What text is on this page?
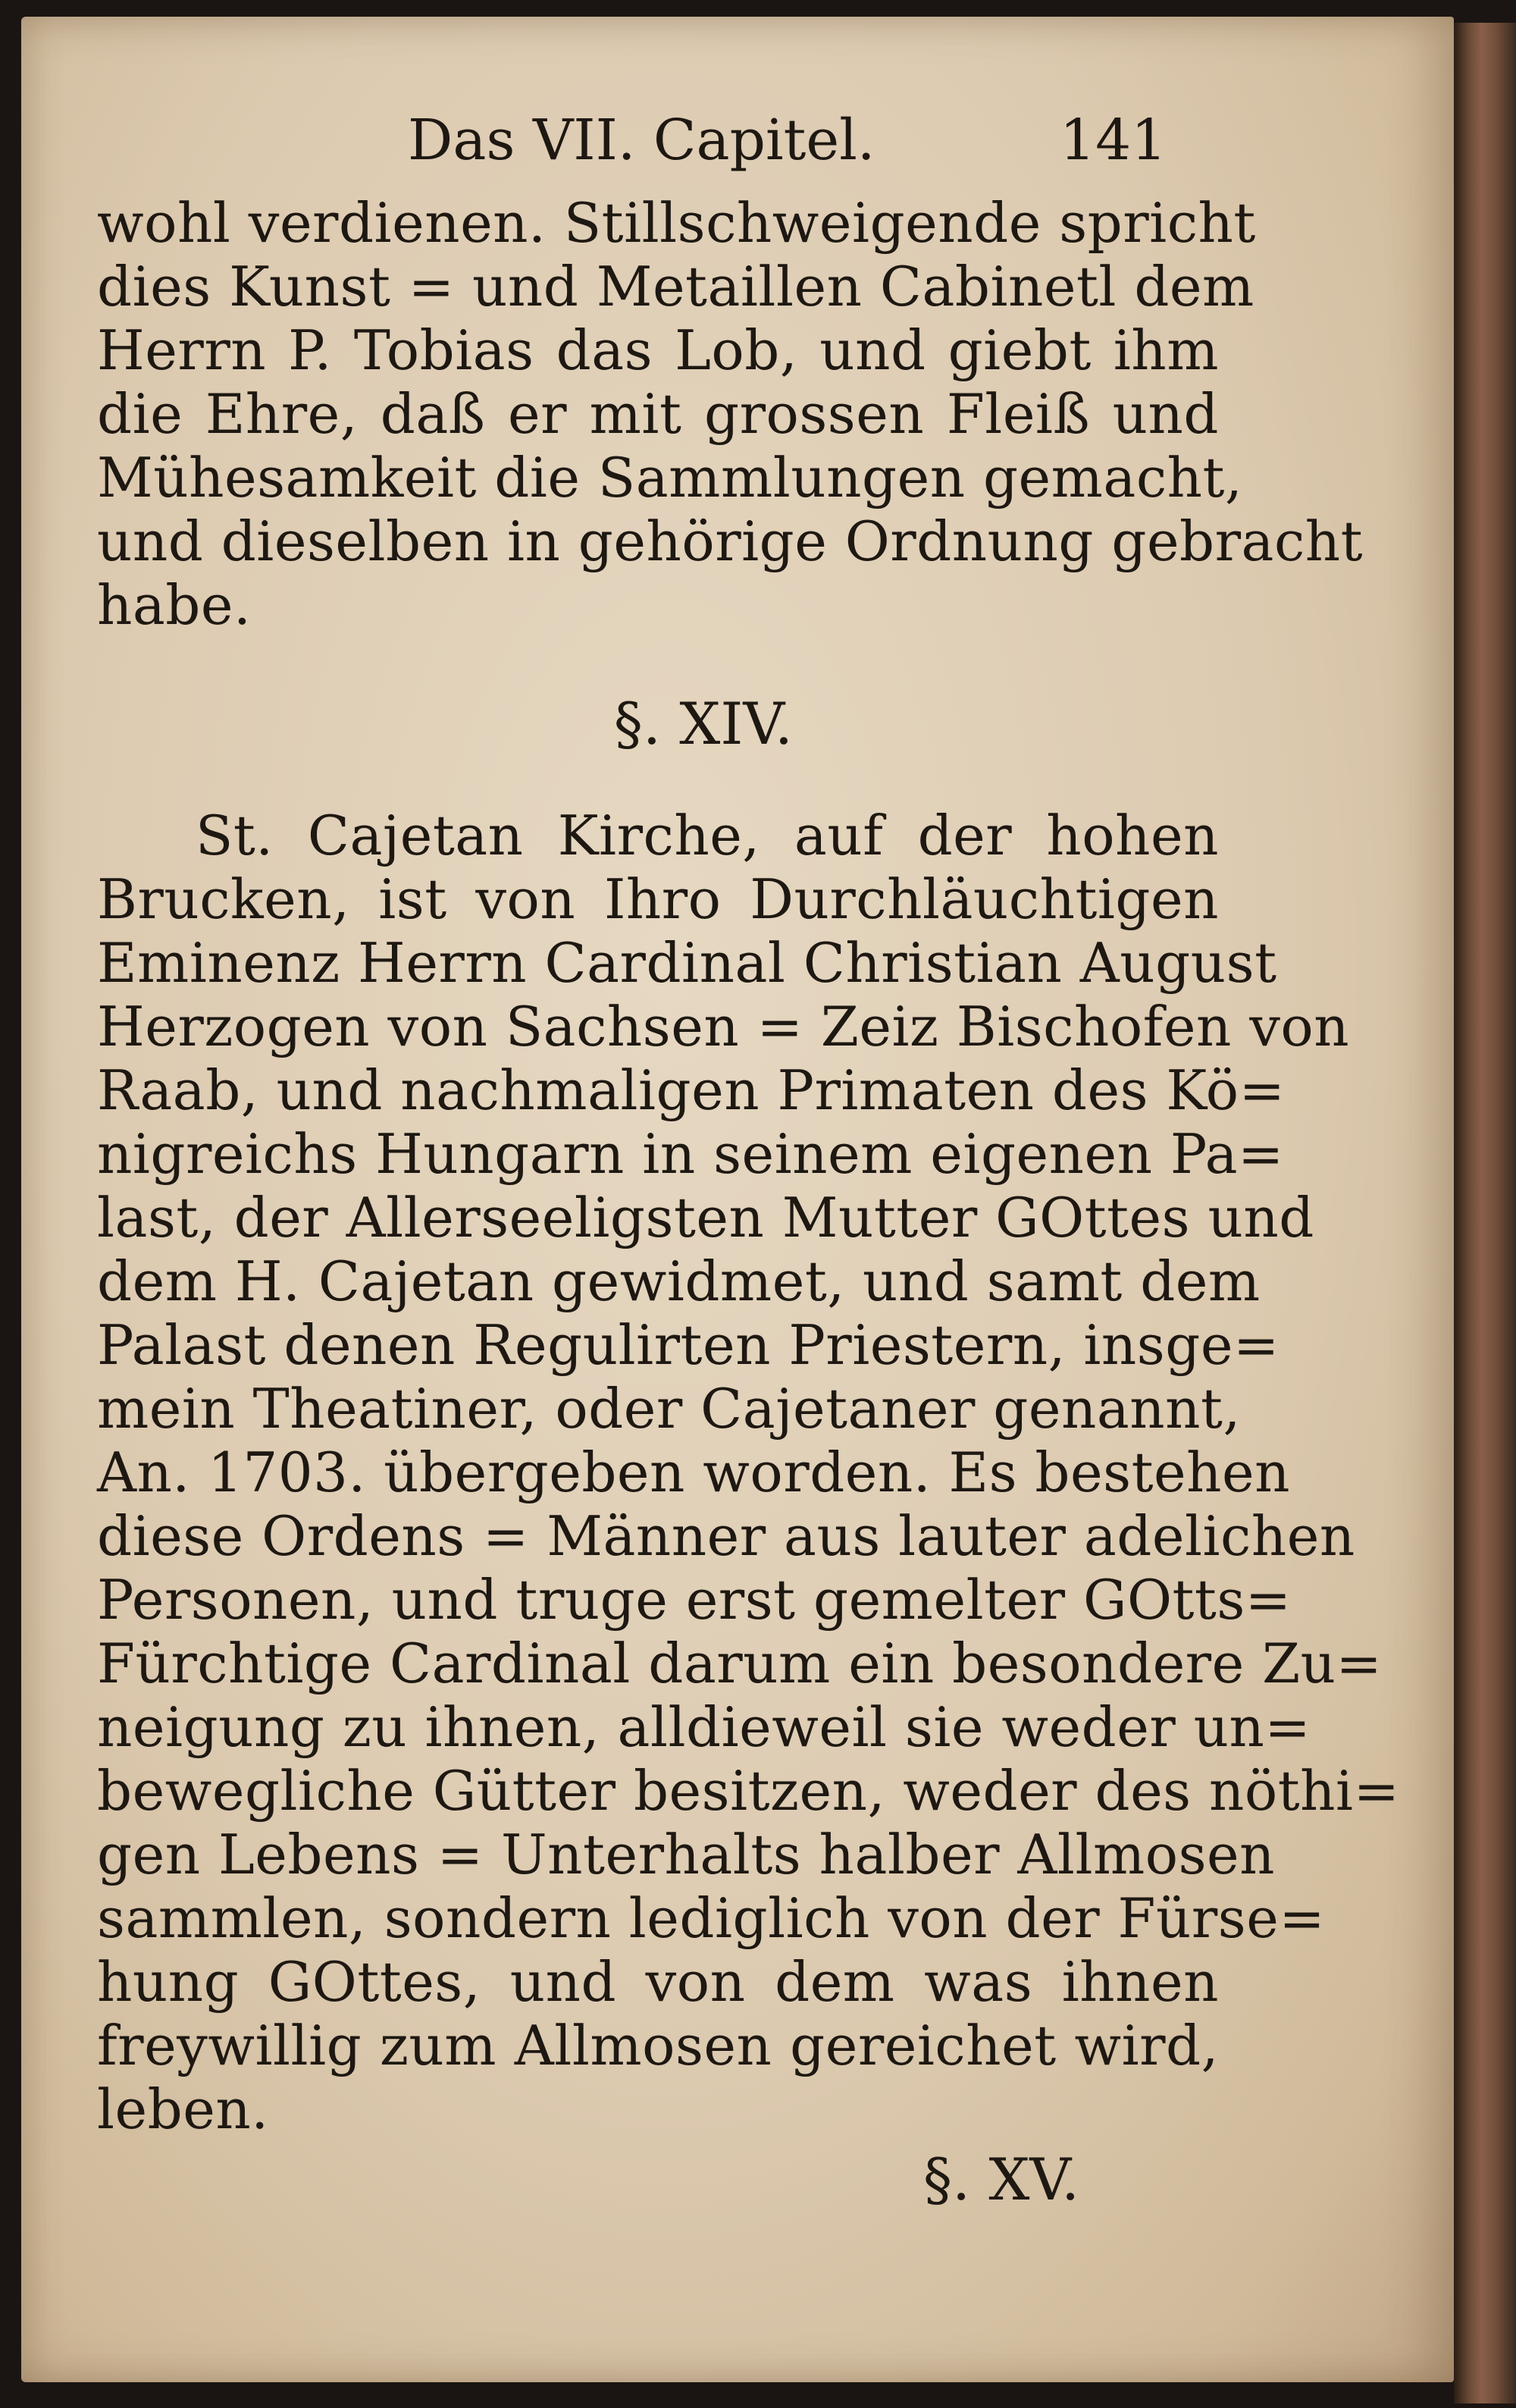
Das VII. Capitel.	141
wohl verdienen. Stillschweigende spricht
dies Kunst = und Metaillen Cabinetl dem
Herrn P. Tobias das Lob, und giebt ihm
die Ehre, daß er mit grossen Fleiß und
Mühesamkeit die Sammlungen gemacht,
und dieselben in gehörige Ordnung gebracht
habe.
§. XIV.
St. Cajetan Kirche, auf der hohen
Brucken, ist von Ihro Durchläuchtigen
Eminenz Herrn Cardinal Christian August
Herzogen von Sachsen = Zeiz Bischofen von
Raab, und nachmaligen Primaten des Kö=
nigreichs Hungarn in seinem eigenen Pa=
last, der Allerseeligsten Mutter GOttes und
dem H. Cajetan gewidmet, und samt dem
Palast denen Regulirten Priestern, insge=
mein Theatiner, oder Cajetaner genannt,
An. 1703. übergeben worden. Es bestehen
diese Ordens = Männer aus lauter adelichen
Personen, und truge erst gemelter GOtts=
Fürchtige Cardinal darum ein besondere Zu=
neigung zu ihnen, alldieweil sie weder un=
bewegliche Gütter besitzen, weder des nöthi=
gen Lebens = Unterhalts halber Allmosen
sammlen, sondern lediglich von der Fürse=
hung GOttes, und von dem was ihnen
freywillig zum Allmosen gereichet wird,
leben.
§. XV.
